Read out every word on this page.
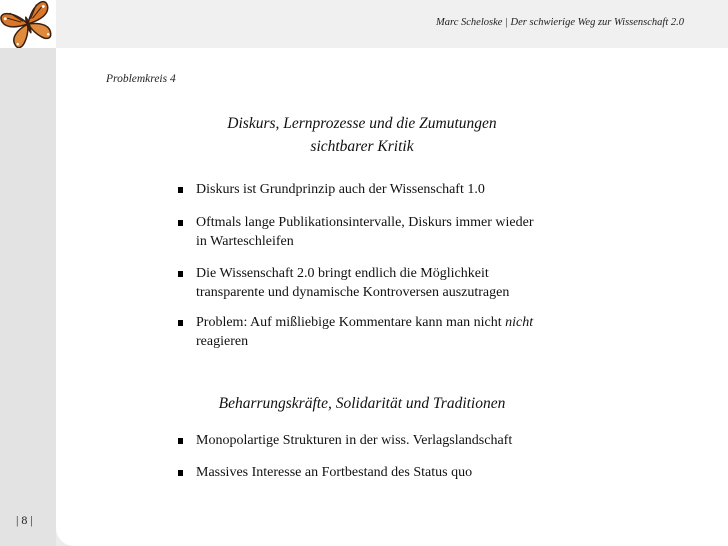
Marc Scheloske | Der schwierige Weg zur Wissenschaft 2.0
Problemkreis 4
Diskurs, Lernprozesse und die Zumutungen
sichtbarer Kritik
Diskurs ist Grundprinzip auch der Wissenschaft 1.0
Oftmals lange Publikationsintervalle, Diskurs immer wieder
in Warteschleifen
Die Wissenschaft 2.0 bringt endlich die Möglichkeit
transparente und dynamische Kontroversen auszutragen
Problem: Auf mißliebige Kommentare kann man nicht nicht
reagieren
Beharrungskräfte, Solidarität und Traditionen
Monopolartige Strukturen in der wiss. Verlagslandschaft
Massives Interesse an Fortbestand des Status quo
| 8 |
